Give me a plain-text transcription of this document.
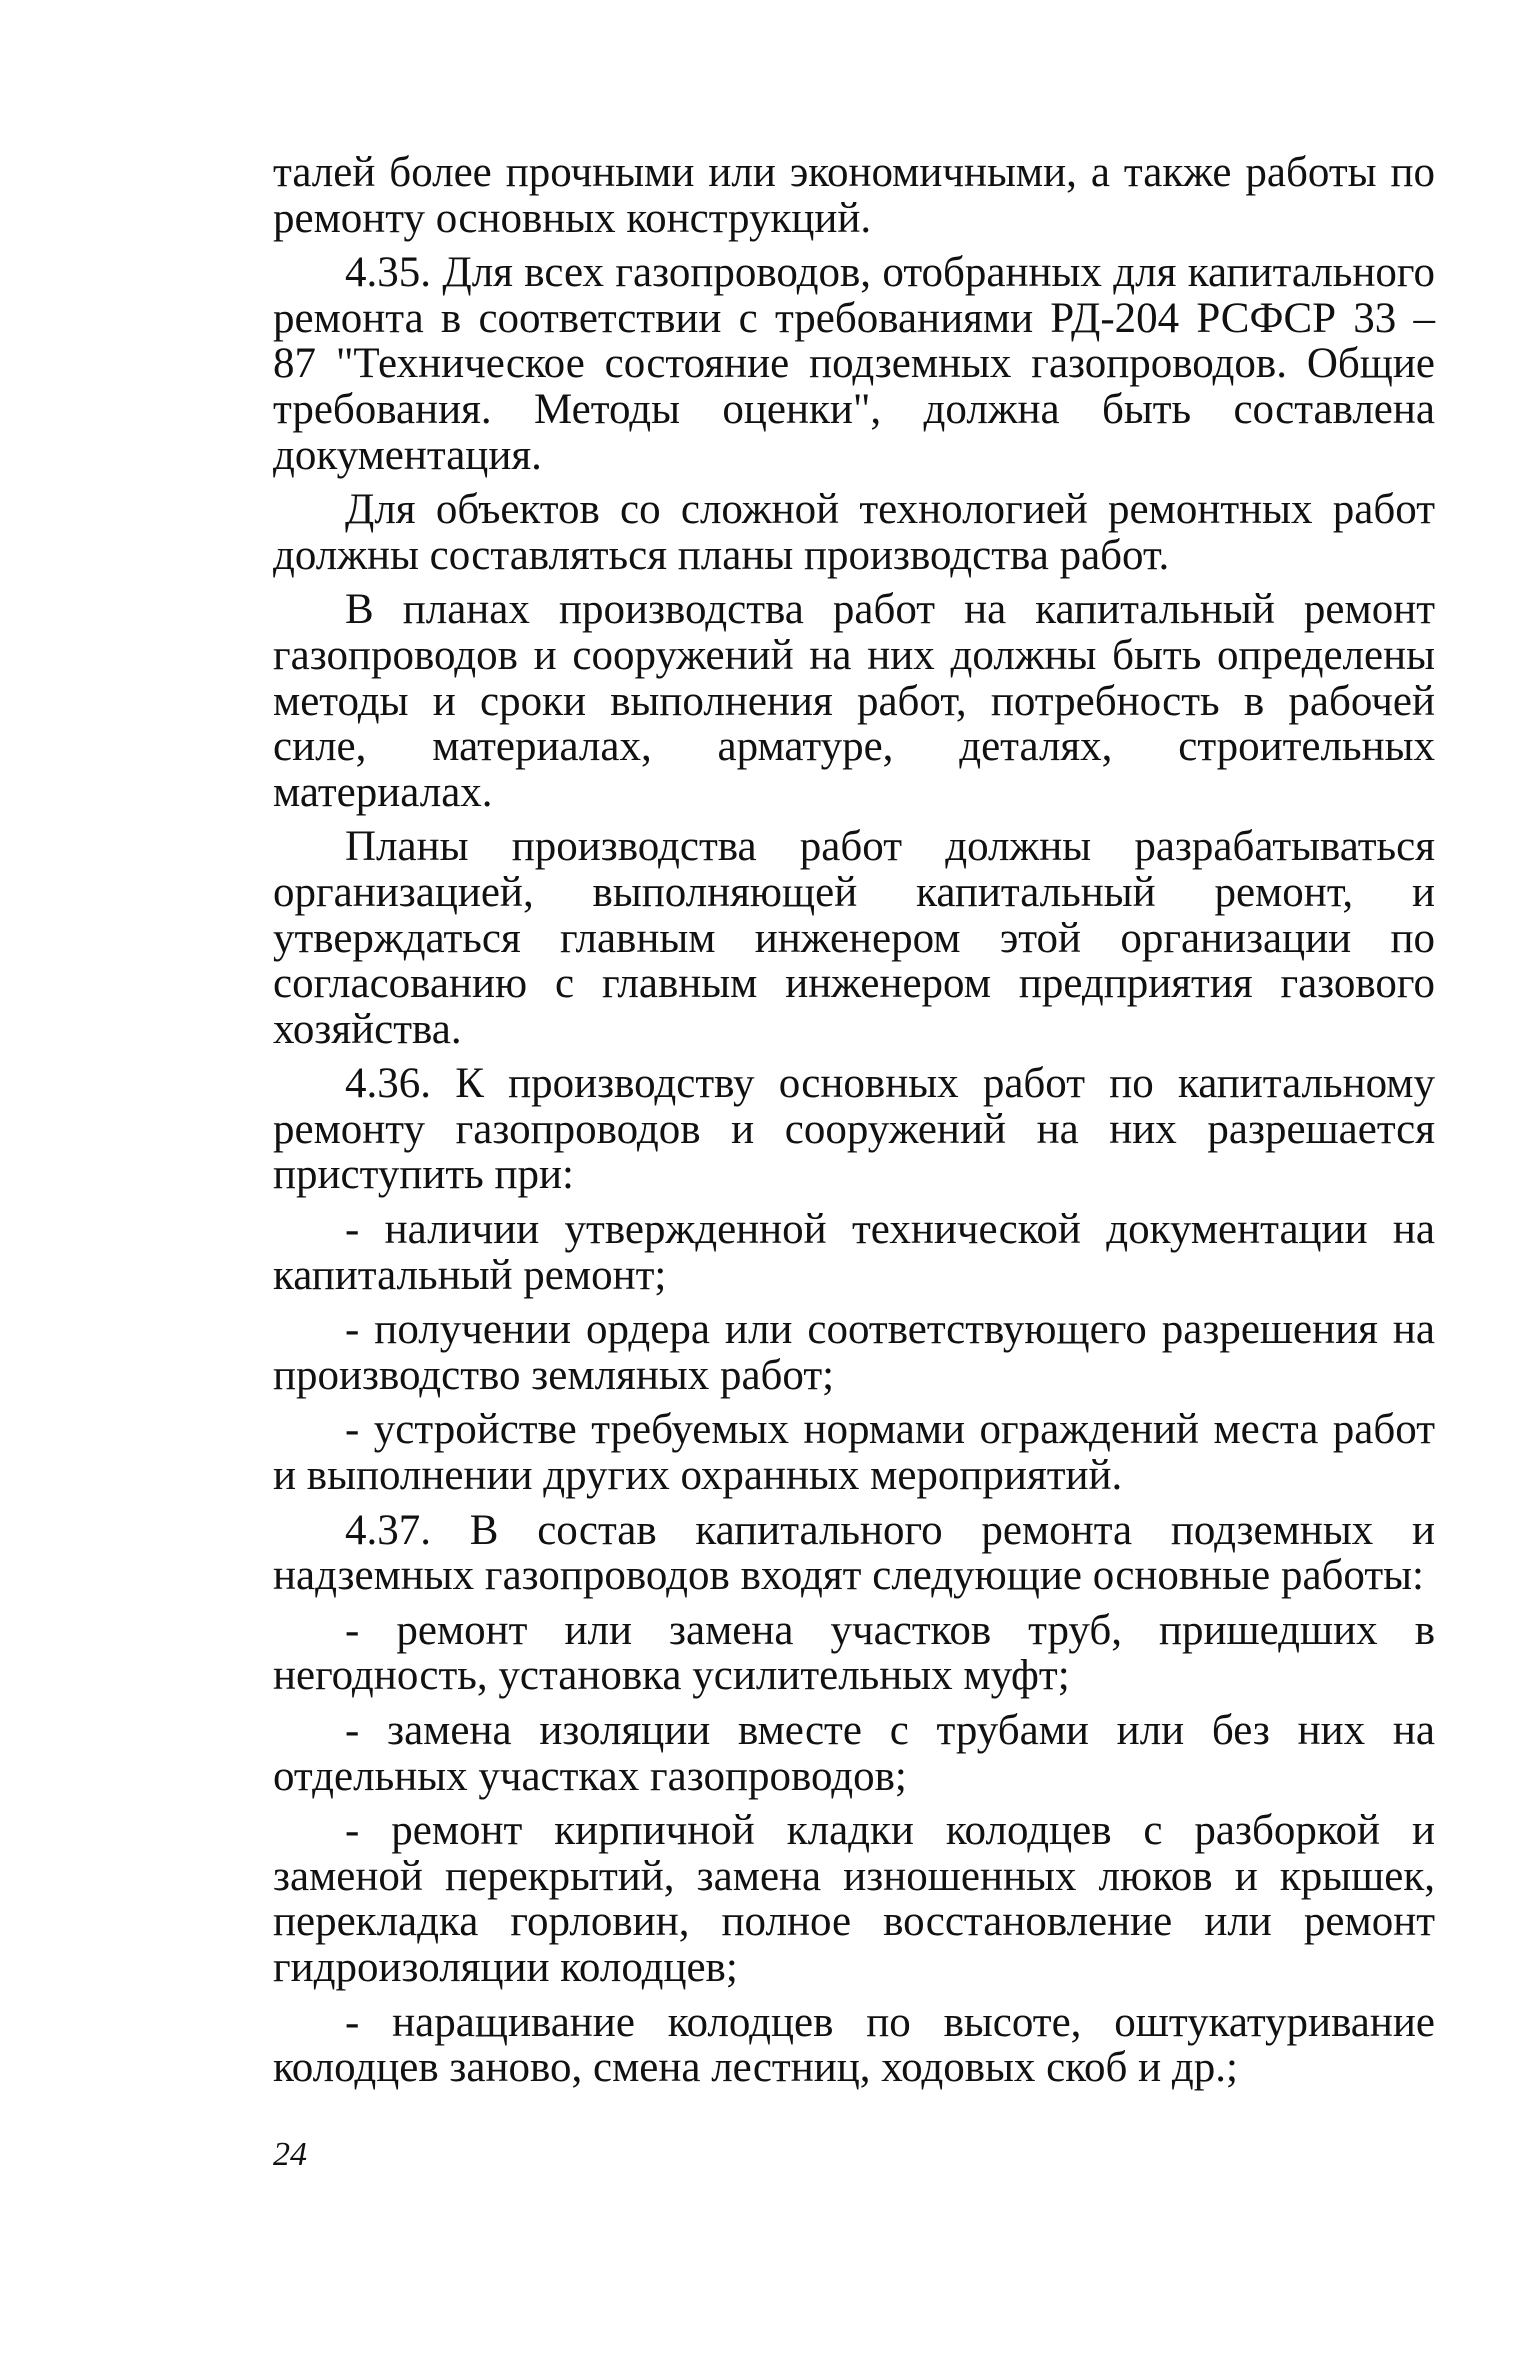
талей более прочными или экономичными, а также работы по ремонту основных конструкций.

4.35. Для всех газопроводов, отобранных для капитального ремонта в соответствии с требованиями РД-204 РСФСР 33 – 87 "Техническое состояние подземных газопроводов. Общие требования. Методы оценки", должна быть составлена документация.

Для объектов со сложной технологией ремонтных работ должны составляться планы производства работ.

В планах производства работ на капитальный ремонт газопроводов и сооружений на них должны быть определены методы и сроки выполнения работ, потребность в рабочей силе, материалах, арматуре, деталях, строительных материалах.

Планы производства работ должны разрабатываться организацией, выполняющей капитальный ремонт, и утверждаться главным инженером этой организации по согласованию с главным инженером предприятия газового хозяйства.

4.36. К производству основных работ по капитальному ремонту газопроводов и сооружений на них разрешается приступить при:

- наличии утвержденной технической документации на капитальный ремонт;

- получении ордера или соответствующего разрешения на производство земляных работ;

- устройстве требуемых нормами ограждений места работ и выполнении других охранных мероприятий.

4.37. В состав капитального ремонта подземных и надземных газопроводов входят следующие основные работы:

- ремонт или замена участков труб, пришедших в негодность, установка усилительных муфт;

- замена изоляции вместе с трубами или без них на отдельных участках газопроводов;

- ремонт кирпичной кладки колодцев с разборкой и заменой перекрытий, замена изношенных люков и крышек, перекладка горловин, полное восстановление или ремонт гидроизоляции колодцев;

- наращивание колодцев по высоте, оштукатуривание колодцев заново, смена лестниц, ходовых скоб и др.;

24
